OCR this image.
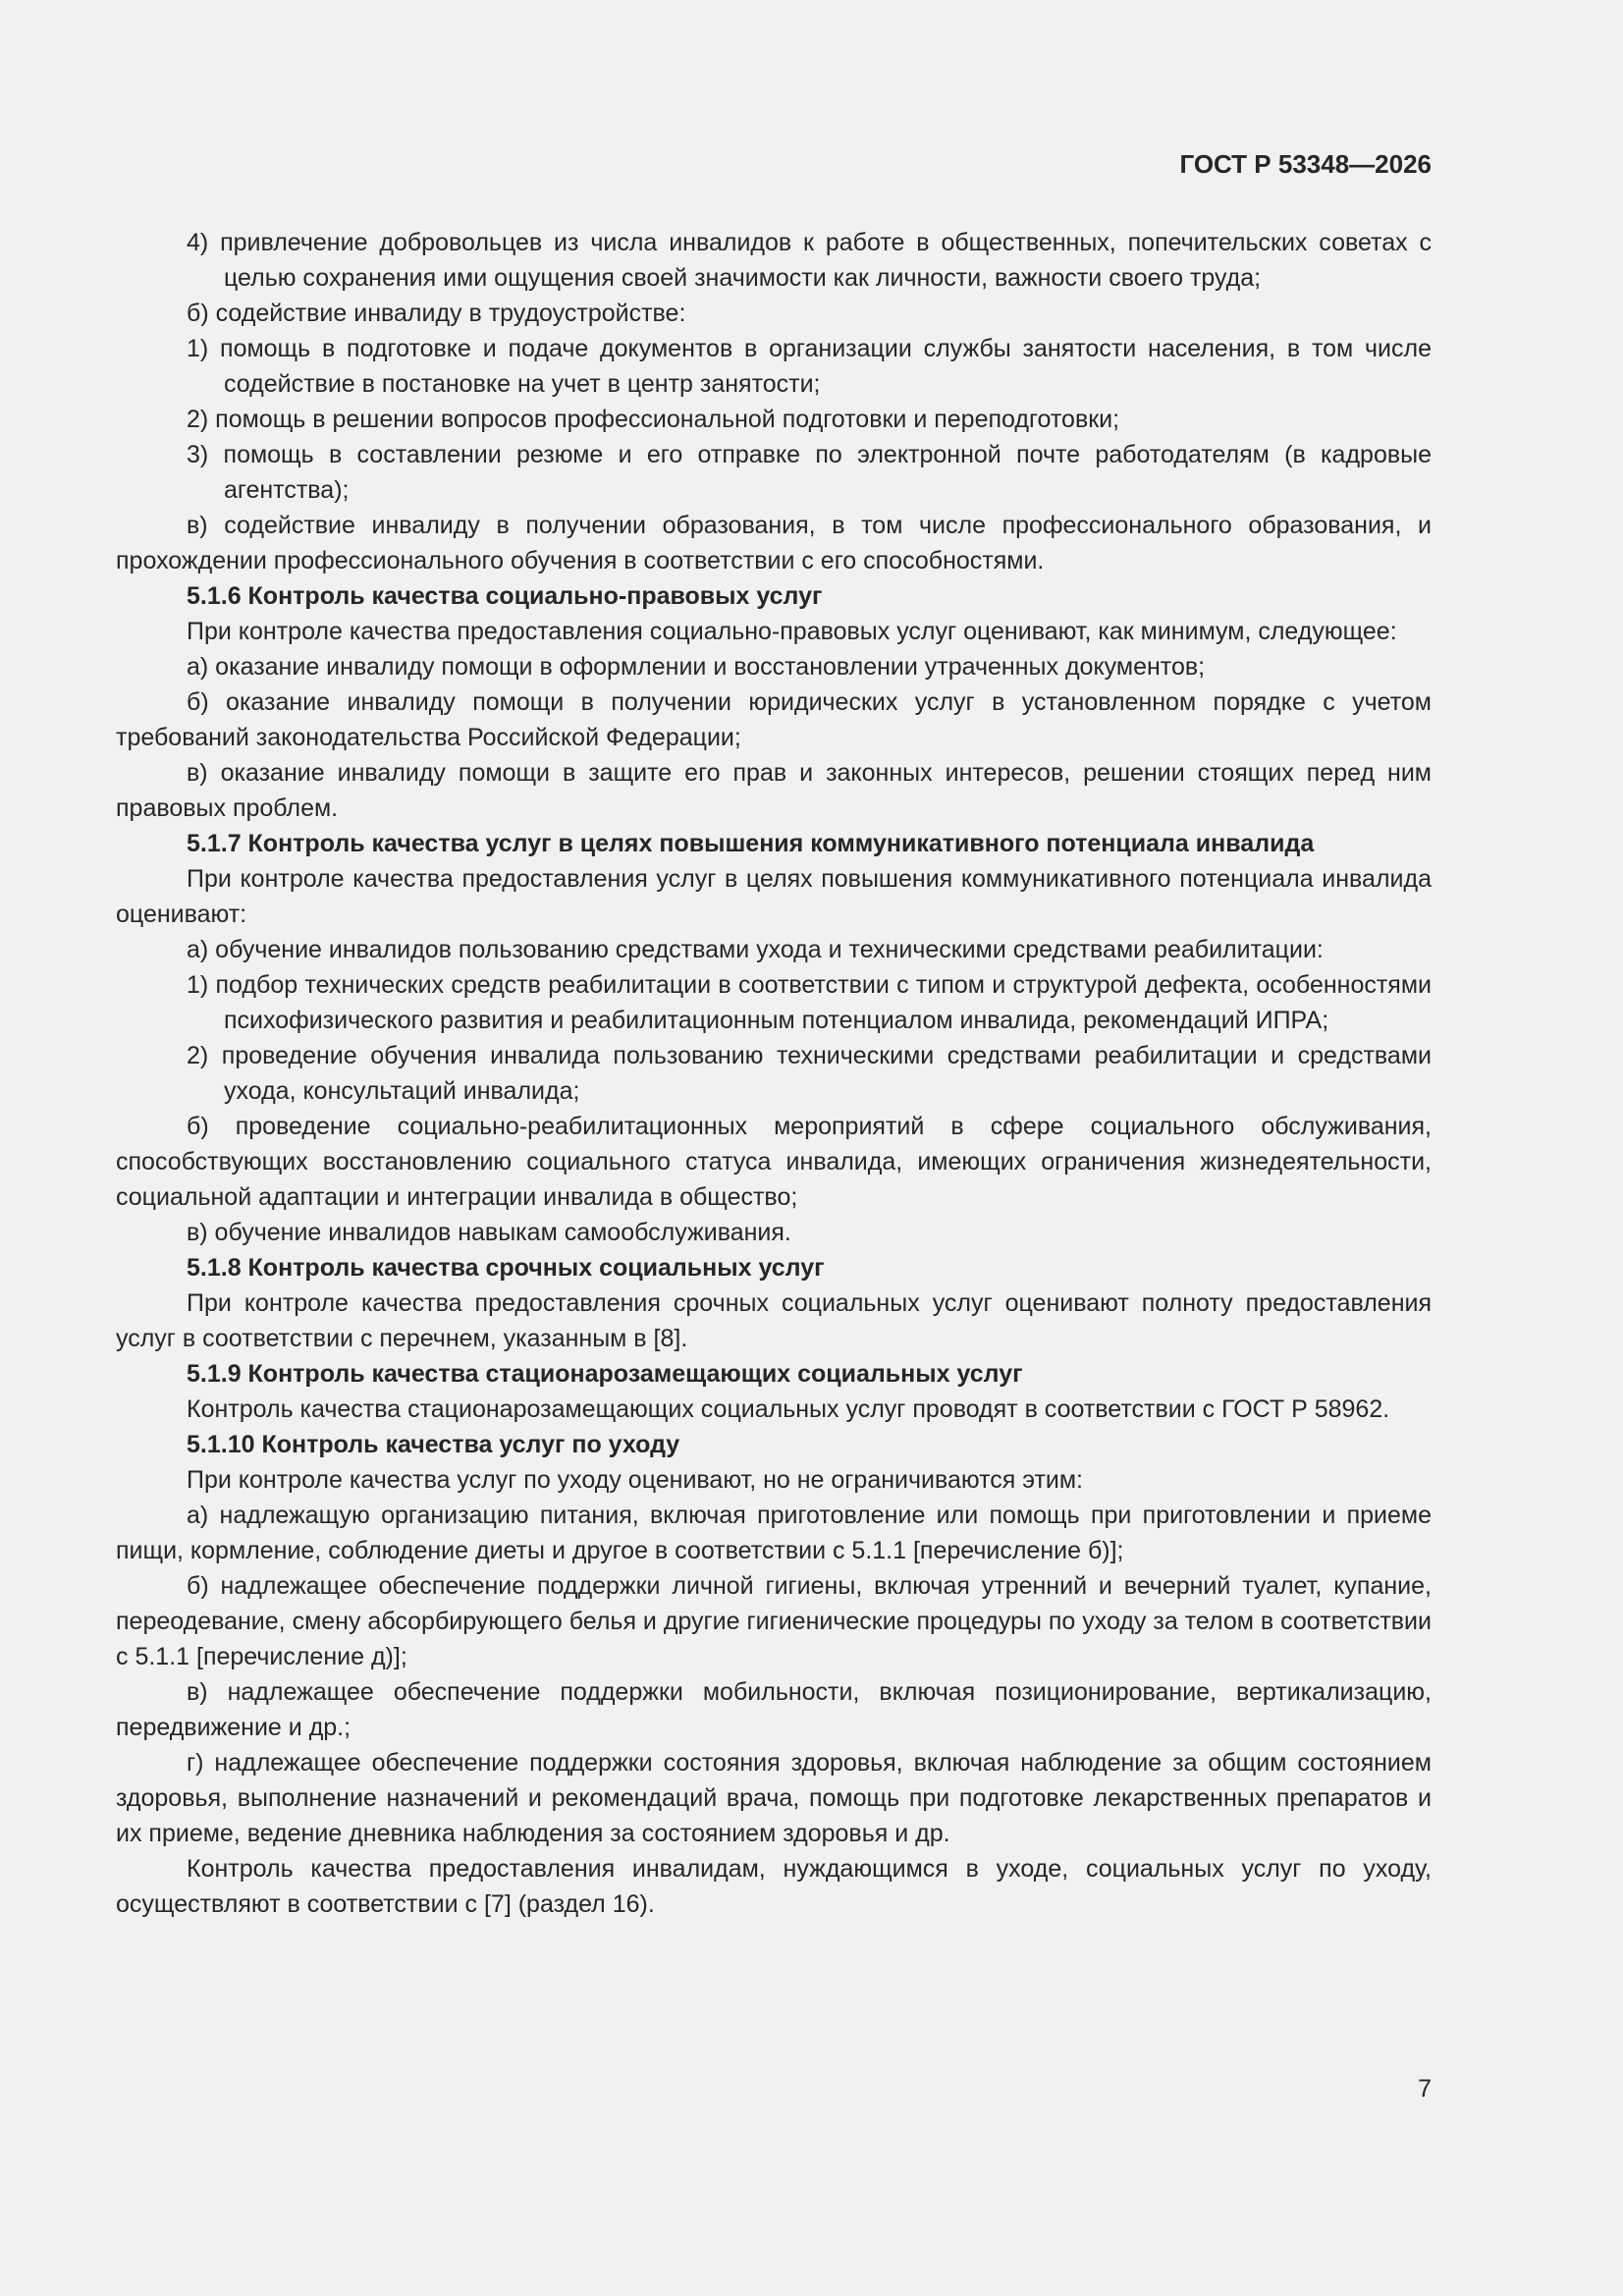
ГОСТ Р 53348—2026

4) привлечение добровольцев из числа инвалидов к работе в общественных, попечительских советах с целью сохранения ими ощущения своей значимости как личности, важности своего труда;

б) содействие инвалиду в трудоустройстве:

1) помощь в подготовке и подаче документов в организации службы занятости населения, в том числе содействие в постановке на учет в центр занятости;

2) помощь в решении вопросов профессиональной подготовки и переподготовки;

3) помощь в составлении резюме и его отправке по электронной почте работодателям (в кадровые агентства);

в) содействие инвалиду в получении образования, в том числе профессионального образования, и прохождении профессионального обучения в соответствии с его способностями.

5.1.6 Контроль качества социально-правовых услуг

При контроле качества предоставления социально-правовых услуг оценивают, как минимум, следующее:

а) оказание инвалиду помощи в оформлении и восстановлении утраченных документов;

б) оказание инвалиду помощи в получении юридических услуг в установленном порядке с учетом требований законодательства Российской Федерации;

в) оказание инвалиду помощи в защите его прав и законных интересов, решении стоящих перед ним правовых проблем.

5.1.7 Контроль качества услуг в целях повышения коммуникативного потенциала инвалида

При контроле качества предоставления услуг в целях повышения коммуникативного потенциала инвалида оценивают:

а) обучение инвалидов пользованию средствами ухода и техническими средствами реабилитации:

1) подбор технических средств реабилитации в соответствии с типом и структурой дефекта, особенностями психофизического развития и реабилитационным потенциалом инвалида, рекомендаций ИПРА;

2) проведение обучения инвалида пользованию техническими средствами реабилитации и средствами ухода, консультаций инвалида;

б) проведение социально-реабилитационных мероприятий в сфере социального обслуживания, способствующих восстановлению социального статуса инвалида, имеющих ограничения жизнедеятельности, социальной адаптации и интеграции инвалида в общество;

в) обучение инвалидов навыкам самообслуживания.

5.1.8 Контроль качества срочных социальных услуг

При контроле качества предоставления срочных социальных услуг оценивают полноту предоставления услуг в соответствии с перечнем, указанным в [8].

5.1.9 Контроль качества стационарозамещающих социальных услуг

Контроль качества стационарозамещающих социальных услуг проводят в соответствии с ГОСТ Р 58962.

5.1.10 Контроль качества услуг по уходу

При контроле качества услуг по уходу оценивают, но не ограничиваются этим:

а) надлежащую организацию питания, включая приготовление или помощь при приготовлении и приеме пищи, кормление, соблюдение диеты и другое в соответствии с 5.1.1 [перечисление б)];

б) надлежащее обеспечение поддержки личной гигиены, включая утренний и вечерний туалет, купание, переодевание, смену абсорбирующего белья и другие гигиенические процедуры по уходу за телом в соответствии с 5.1.1 [перечисление д)];

в) надлежащее обеспечение поддержки мобильности, включая позиционирование, вертикализацию, передвижение и др.;

г) надлежащее обеспечение поддержки состояния здоровья, включая наблюдение за общим состоянием здоровья, выполнение назначений и рекомендаций врача, помощь при подготовке лекарственных препаратов и их приеме, ведение дневника наблюдения за состоянием здоровья и др.

Контроль качества предоставления инвалидам, нуждающимся в уходе, социальных услуг по уходу, осуществляют в соответствии с [7] (раздел 16).

7
